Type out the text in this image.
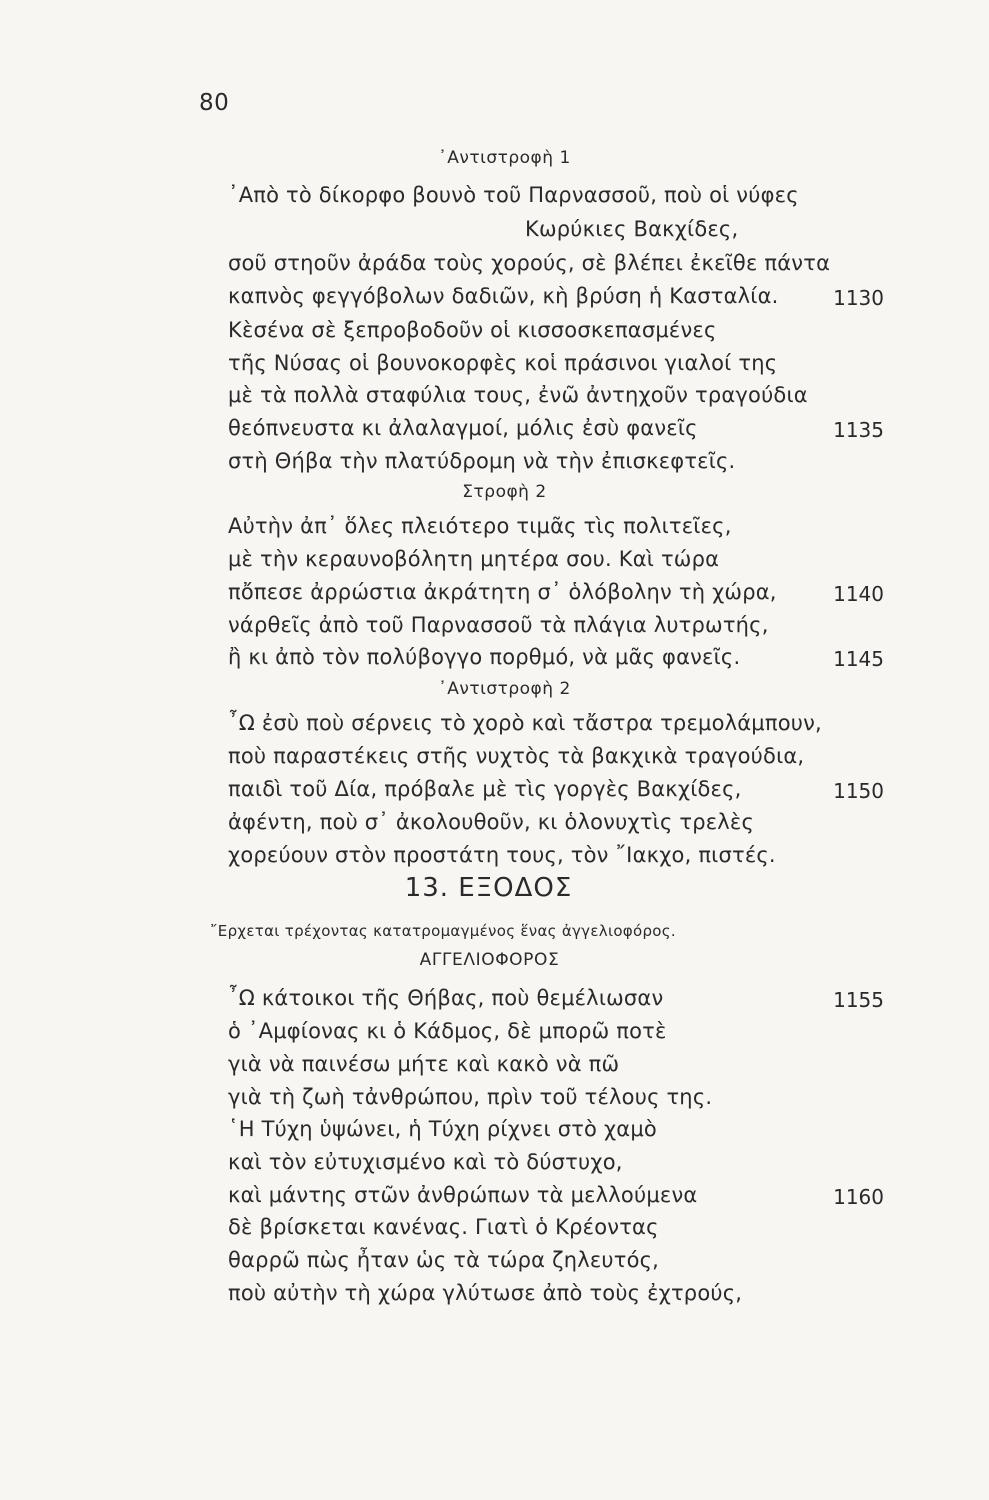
80
᾿Αντιστροφὴ 1
᾿Απὸ τὸ δίκορφο βουνὸ τοῦ Παρνασσοῦ, ποὺ οἱ νύφες
Κωρύκιες Βακχίδες,
σοῦ στηοῦν ἀράδα τοὺς χορούς, σὲ βλέπει ἐκεῖθε πάντα
καπνὸς φεγγόβολων δαδιῶν, κὴ βρύση ἡ Κασταλία.	1130
Κὲσένα σὲ ξεπροβοδοῦν οἱ κισσοσκεπασμένες
τῆς Νύσας οἱ βουνοκορφὲς κοἱ πράσινοι γιαλοί της
μὲ τὰ πολλὰ σταφύλια τους, ἐνῶ ἀντηχοῦν τραγούδια
θεόπνευστα κι ἀλαλαγμοί, μόλις ἐσὺ φανεῖς	1135
στὴ Θήβα τὴν πλατύδρομη νὰ τὴν ἐπισκεφτεῖς.
Στροφὴ 2
Αὐτὴν ἀπ᾿ ὅλες πλειότερο τιμᾶς τὶς πολιτεῖες,
μὲ τὴν κεραυνοβόλητη μητέρα σου. Καὶ τώρα
πὄπεσε ἀρρώστια ἀκράτητη σ᾿ ὁλόβολην τὴ χώρα,	1140
νάρθεῖς ἀπὸ τοῦ Παρνασσοῦ τὰ πλάγια λυτρωτής,
ἢ κι ἀπὸ τὸν πολύβογγο πορθμό, νὰ μᾶς φανεῖς.	1145
᾿Αντιστροφὴ 2
῏Ω ἐσὺ ποὺ σέρνεις τὸ χορὸ καὶ τἄστρα τρεμολάμπουν,
ποὺ παραστέκεις στῆς νυχτὸς τὰ βακχικὰ τραγούδια,
παιδὶ τοῦ Δία, πρόβαλε μὲ τὶς γοργὲς Βακχίδες,	1150
ἀφέντη, ποὺ σ᾿ ἀκολουθοῦν, κι ὁλονυχτὶς τρελὲς
χορεύουν στὸν προστάτη τους, τὸν ῎Ιακχο, πιστές.
13. ΕΞΟΔΟΣ
῎Ερχεται τρέχοντας κατατρομαγμένος ἕνας ἀγγελιοφόρος.
ΑΓΓΕΛΙΟΦΟΡΟΣ
῏Ω κάτοικοι τῆς Θήβας, ποὺ θεμέλιωσαν	1155
ὁ ᾿Αμφίονας κι ὁ Κάδμος, δὲ μπορῶ ποτὲ
γιὰ νὰ παινέσω μήτε καὶ κακὸ νὰ πῶ
γιὰ τὴ ζωὴ τἀνθρώπου, πρὶν τοῦ τέλους της.
῾Η Τύχη ὑψώνει, ἡ Τύχη ρίχνει στὸ χαμὸ
καὶ τὸν εὐτυχισμένο καὶ τὸ δύστυχο,
καὶ μάντης στῶν ἀνθρώπων τὰ μελλούμενα	1160
δὲ βρίσκεται κανένας. Γιατὶ ὁ Κρέοντας
θαρρῶ πὼς ἦταν ὡς τὰ τώρα ζηλευτός,
ποὺ αὐτὴν τὴ χώρα γλύτωσε ἀπὸ τοὺς ἐχτρούς,
